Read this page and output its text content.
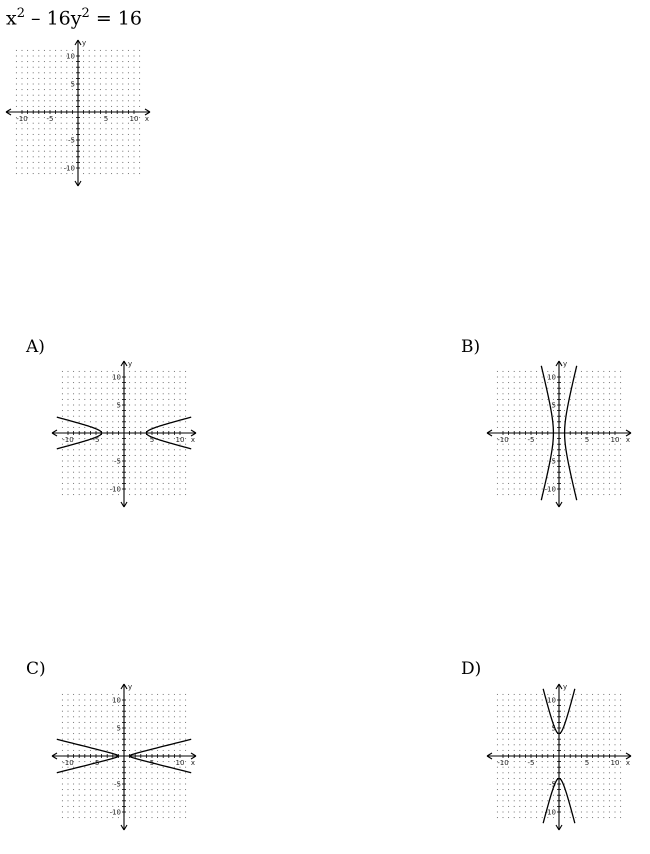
$x^2 - 16y^2 = 16$
-10	-5	5	10
10
5
-5
-10
x
y
A)
-10	-5	5	10
10
5
-5
-10
x
y
B)
-10	-5	5	10
10
5
-5
-10
x
y
C)
-10	-5	5	10
10
5
-5
-10
x
y
D)
-10	-5	5	10
10
5
-5
-10
x
y
